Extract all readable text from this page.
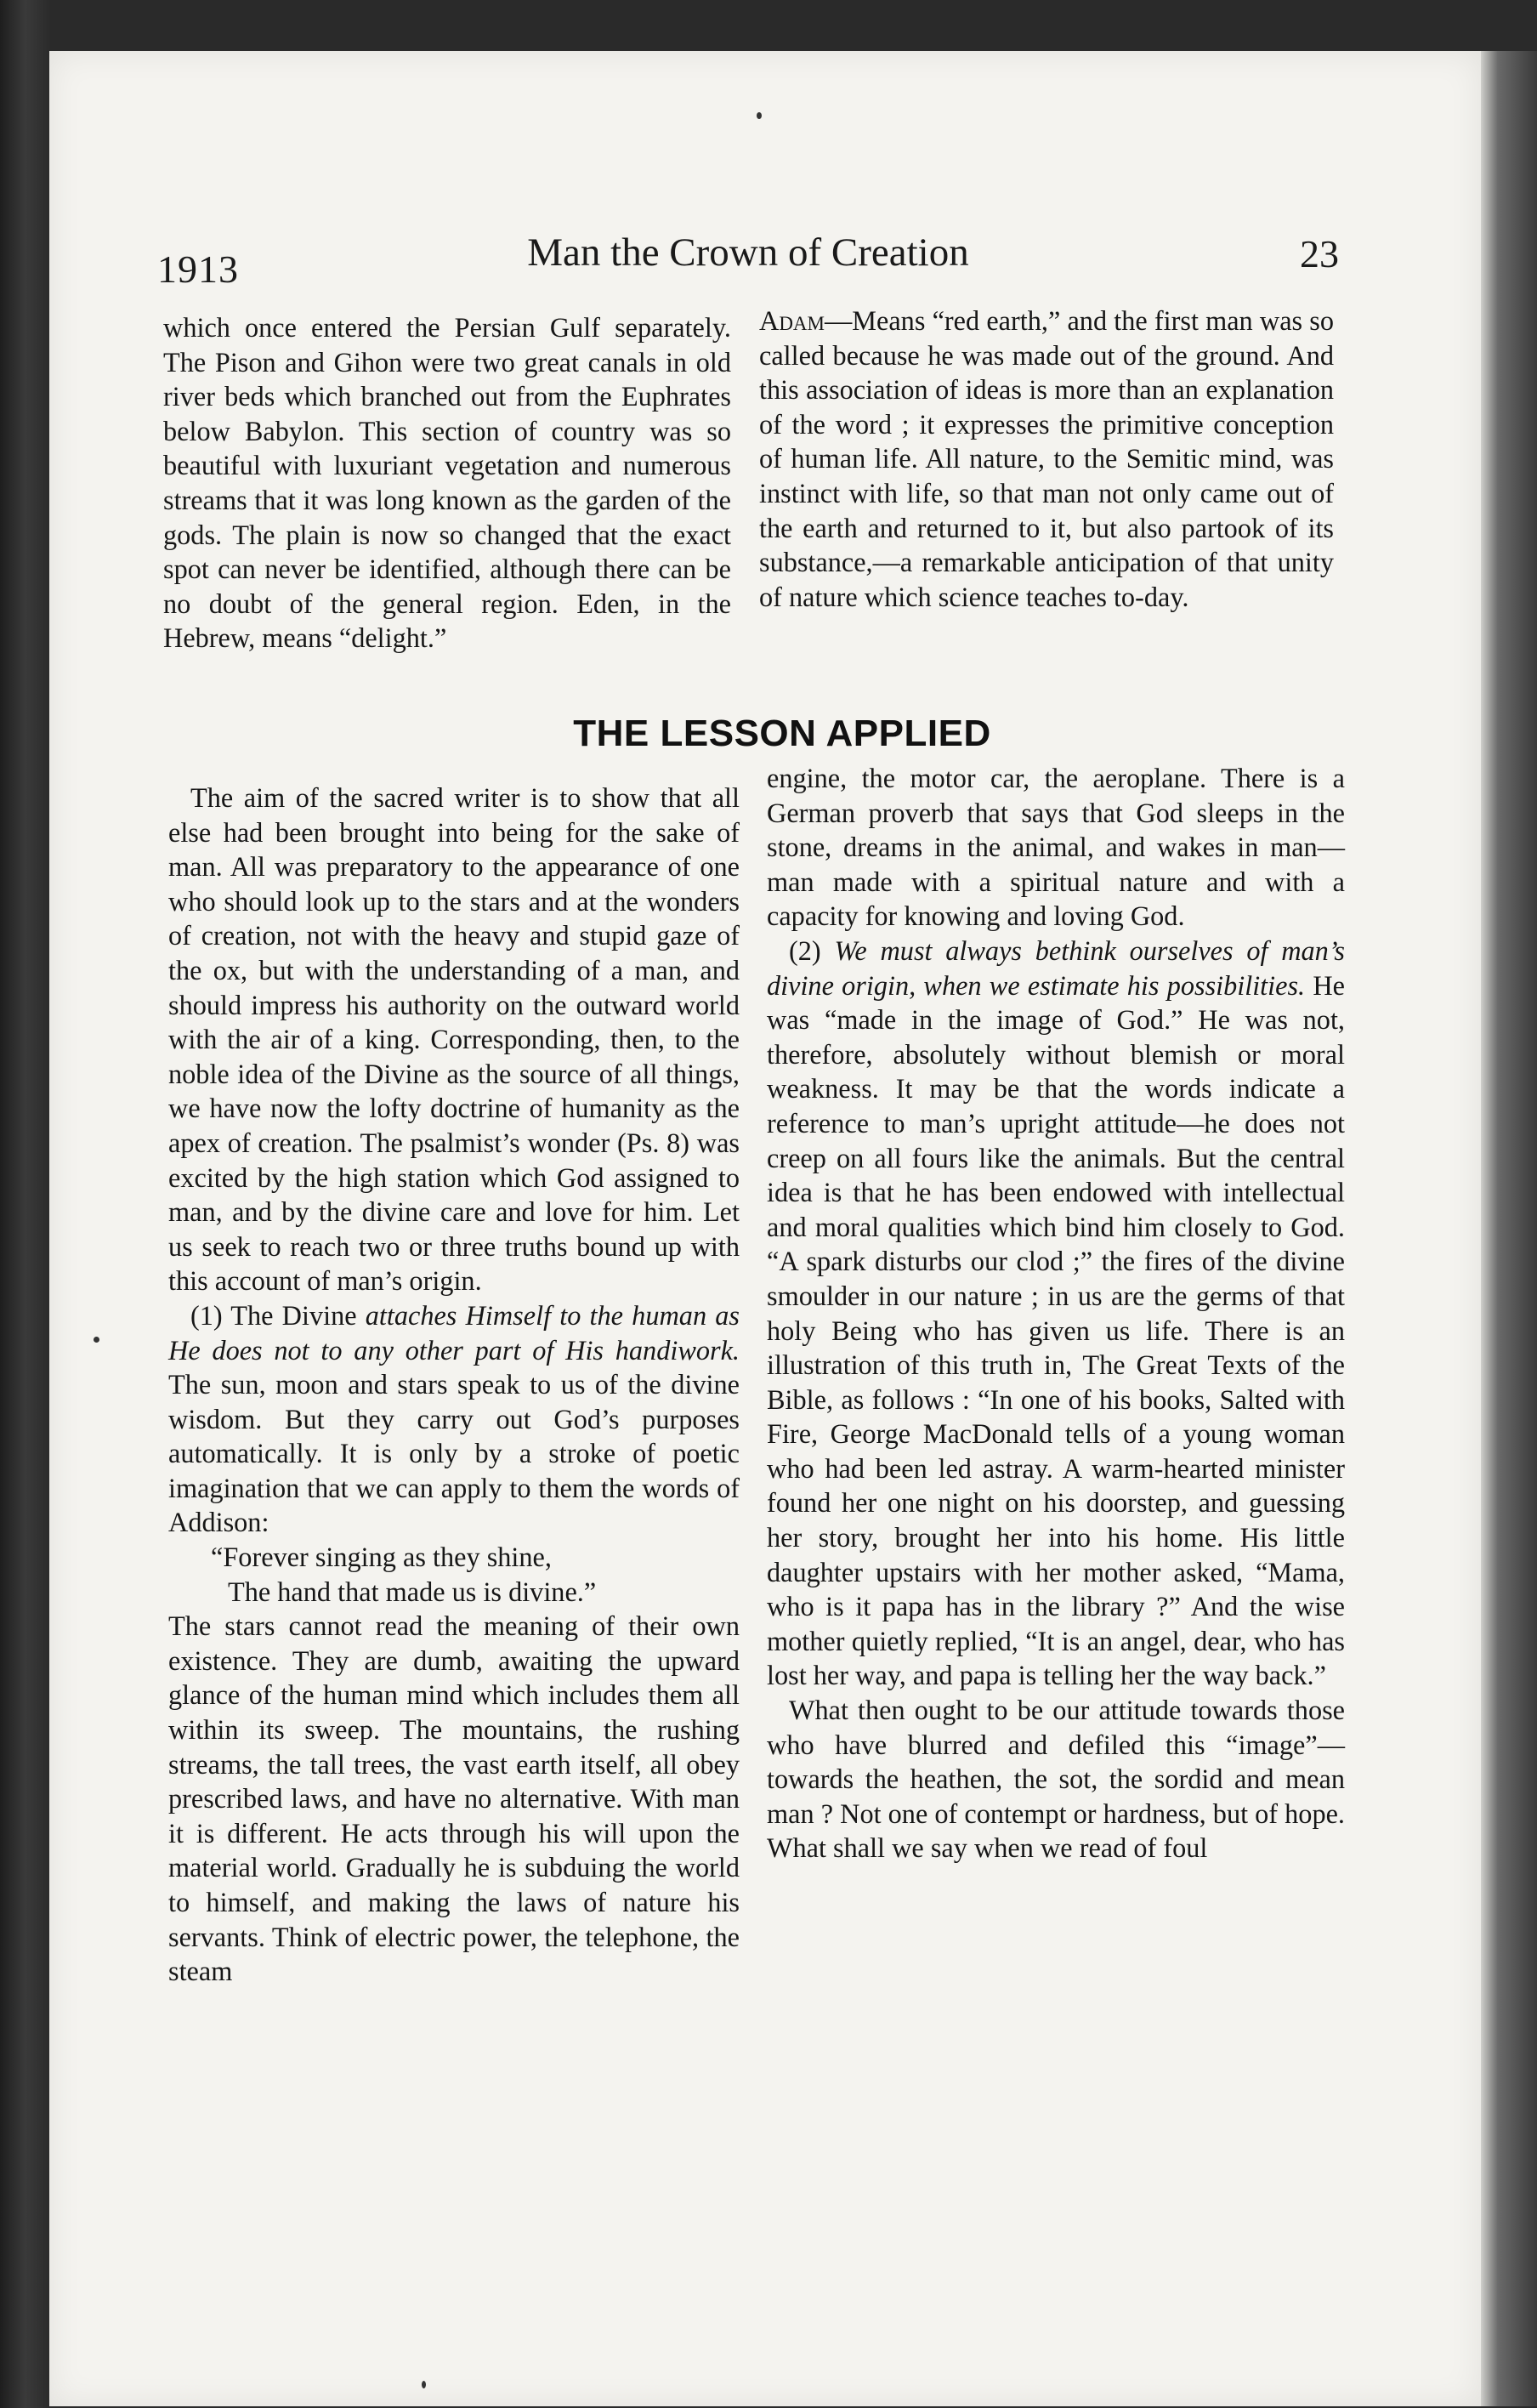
1913	Man the Crown of Creation	23

which once entered the Persian Gulf separately. The Pison and Gihon were two great canals in old river beds which branched out from the Euphrates below Babylon. This section of country was so beautiful with luxuriant vegetation and numerous streams that it was long known as the garden of the gods. The plain is now so changed that the exact spot can never be identified, although there can be no doubt of the general region. Eden, in the Hebrew, means “delight.”

Adam—Means “red earth,” and the first man was so called because he was made out of the ground. And this association of ideas is more than an explanation of the word ; it expresses the primitive conception of human life. All nature, to the Semitic mind, was instinct with life, so that man not only came out of the earth and returned to it, but also partook of its substance,—a remarkable anticipation of that unity of nature which science teaches to-day.

THE LESSON APPLIED

The aim of the sacred writer is to show that all else had been brought into being for the sake of man. All was preparatory to the appearance of one who should look up to the stars and at the wonders of creation, not with the heavy and stupid gaze of the ox, but with the understanding of a man, and should impress his authority on the outward world with the air of a king. Corresponding, then, to the noble idea of the Divine as the source of all things, we have now the lofty doctrine of humanity as the apex of creation. The psalmist’s wonder (Ps. 8) was excited by the high station which God assigned to man, and by the divine care and love for him. Let us seek to reach two or three truths bound up with this account of man’s origin.

(1) The Divine attaches Himself to the human as He does not to any other part of His handiwork. The sun, moon and stars speak to us of the divine wisdom. But they carry out God’s purposes automatically. It is only by a stroke of poetic imagination that we can apply to them the words of Addison:

“Forever singing as they shine,

The hand that made us is divine.”

The stars cannot read the meaning of their own existence. They are dumb, awaiting the upward glance of the human mind which includes them all within its sweep. The mountains, the rushing streams, the tall trees, the vast earth itself, all obey prescribed laws, and have no alternative. With man it is different. He acts through his will upon the material world. Gradually he is subduing the world to himself, and making the laws of nature his servants. Think of electric power, the telephone, the steam

engine, the motor car, the aeroplane. There is a German proverb that says that God sleeps in the stone, dreams in the animal, and wakes in man—man made with a spiritual nature and with a capacity for knowing and loving God.

(2) We must always bethink ourselves of man’s divine origin, when we estimate his possibilities. He was “made in the image of God.” He was not, therefore, absolutely without blemish or moral weakness. It may be that the words indicate a reference to man’s upright attitude—he does not creep on all fours like the animals. But the central idea is that he has been endowed with intellectual and moral qualities which bind him closely to God. “A spark disturbs our clod ;” the fires of the divine smoulder in our nature ; in us are the germs of that holy Being who has given us life. There is an illustration of this truth in, The Great Texts of the Bible, as follows : “In one of his books, Salted with Fire, George MacDonald tells of a young woman who had been led astray. A warm-hearted minister found her one night on his doorstep, and guessing her story, brought her into his home. His little daughter upstairs with her mother asked, “Mama, who is it papa has in the library ?” And the wise mother quietly replied, “It is an angel, dear, who has lost her way, and papa is telling her the way back.”

What then ought to be our attitude towards those who have blurred and defiled this “image”—towards the heathen, the sot, the sordid and mean man ? Not one of contempt or hardness, but of hope. What shall we say when we read of foul
